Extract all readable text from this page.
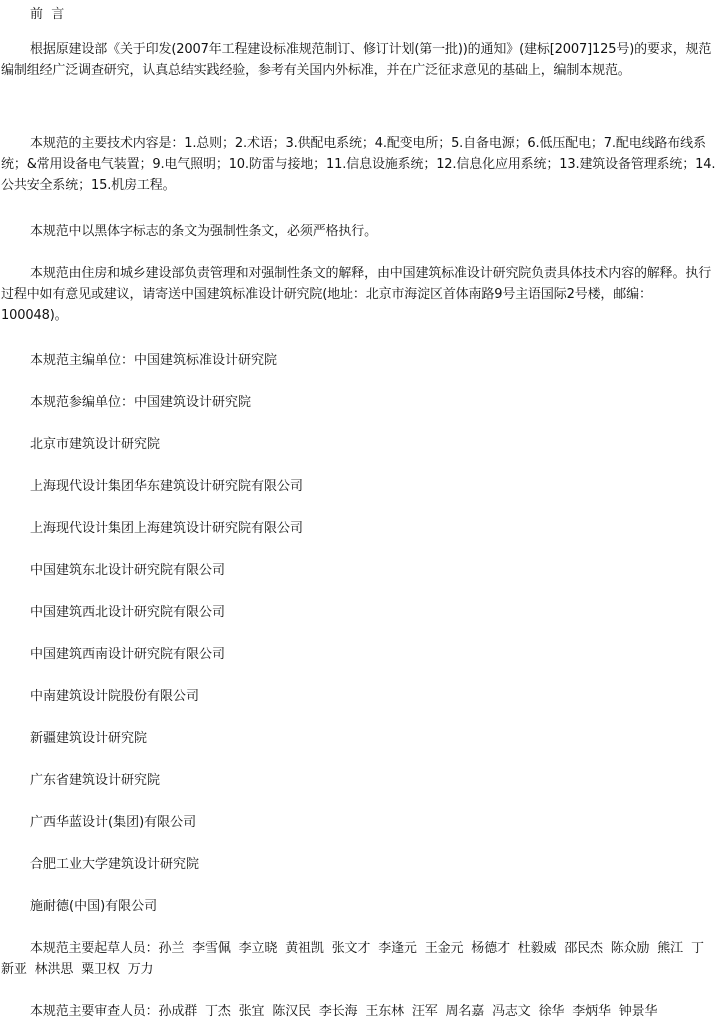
前  言

根据原建设部《关于印发(2007年工程建设标准规范制订、修订计划(第一批))的通知》(建标[2007]125号)的要求，规范编制组经广泛调查研究，认真总结实践经验，参考有关国内外标准，并在广泛征求意见的基础上，编制本规范。

本规范的主要技术内容是：1.总则；2.术语；3.供配电系统；4.配变电所；5.自备电源；6.低压配电；7.配电线路布线系统；&常用设备电气装置；9.电气照明；10.防雷与接地；11.信息设施系统；12.信息化应用系统；13.建筑设备管理系统；14.公共安全系统；15.机房工程。

本规范中以黑体字标志的条文为强制性条文，必须严格执行。

本规范由住房和城乡建设部负责管理和对强制性条文的解释，由中国建筑标准设计研究院负责具体技术内容的解释。执行过程中如有意见或建议，请寄送中国建筑标准设计研究院(地址：北京市海淀区首体南路9号主语国际2号楼，邮编：100048)。

本规范主编单位：中国建筑标准设计研究院

本规范参编单位：中国建筑设计研究院

北京市建筑设计研究院

上海现代设计集团华东建筑设计研究院有限公司

上海现代设计集团上海建筑设计研究院有限公司

中国建筑东北设计研究院有限公司

中国建筑西北设计研究院有限公司

中国建筑西南设计研究院有限公司

中南建筑设计院股份有限公司

新疆建筑设计研究院

广东省建筑设计研究院

广西华蓝设计(集团)有限公司

合肥工业大学建筑设计研究院

施耐德(中国)有限公司

本规范主要起草人员：孙兰  李雪佩  李立晓  黄祖凯  张文才  李逢元  王金元  杨德才  杜毅威  邵民杰  陈众励  熊江  丁新亚  林洪思  粟卫权  万力

本规范主要审查人员：孙成群  丁杰  张宜  陈汉民  李长海  王东林  汪军  周名嘉  冯志文  徐华  李炳华  钟景华
